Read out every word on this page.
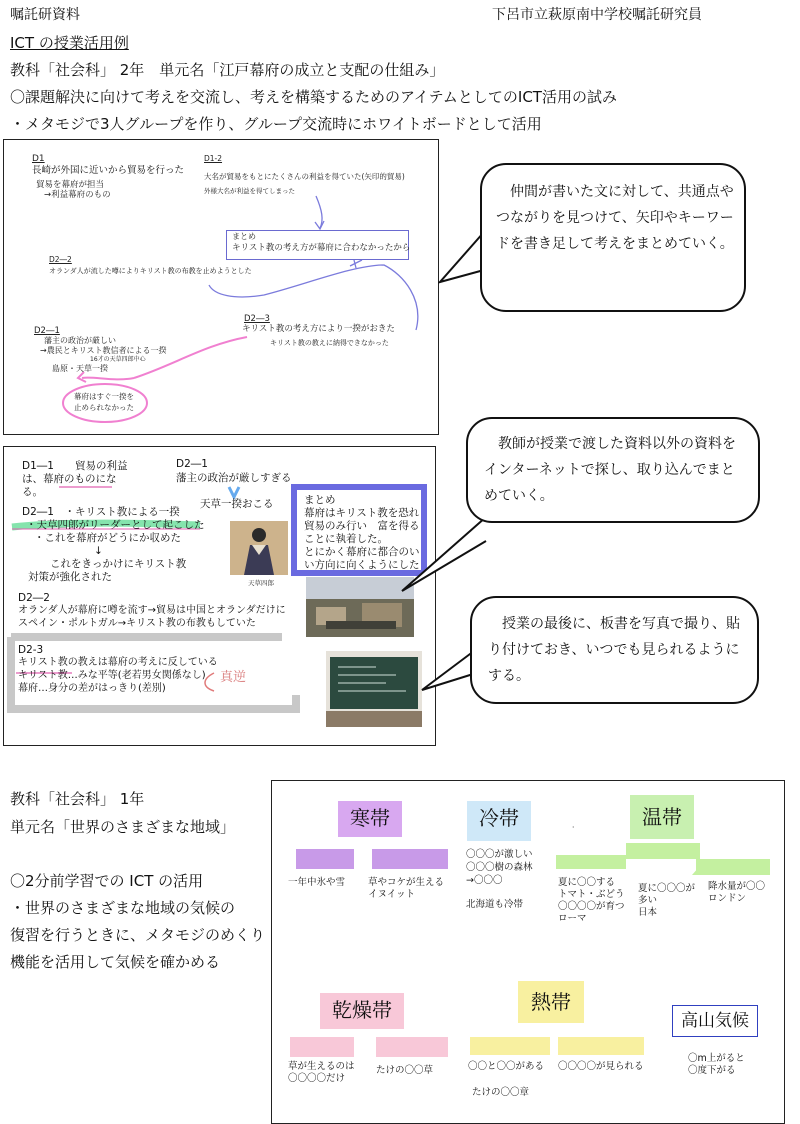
嘱託研資料	下呂市立萩原南中学校嘱託研究員
ICT の授業活用例
教科「社会科」 2年　単元名「江戸幕府の成立と支配の仕組み」
〇課題解決に向けて考えを交流し、考えを構築するためのアイテムとしてのICT活用の試み
・メタモジで3人グループを作り、グループ交流時にホワイトボードとして活用
D1
長崎が外国に近いから貿易を行った
貿易を幕府が担当
→利益幕府のもの
D1-2
大名が貿易をもとにたくさんの利益を得ていた(矢印的貿易)
外様大名が利益を得てしまった
まとめ
キリスト教の考え方が幕府に合わなかったから
D2―2
オランダ人が流した噂によりキリスト教の布教を止めようとした
D2―3
キリスト教の考え方により一揆がおきた
キリスト教の教えに納得できなかった
D2―1
藩主の政治が厳しい
→農民とキリスト教信者による一揆
16才の天草四郎中心
島原・天草一揆
幕府はすぐ一揆を
止められなかった
仲間が書いた文に対して、共通点やつながりを見つけて、矢印やキーワードを書き足して考えをまとめていく。
D1―1　　貿易の利益
は、幕府のものにな
る。
D2―1
藩主の政治が厳しすぎる
天草一揆おこる
D2―1　・キリスト教による一揆
・天草四郎がリーダーとして起こした
・これを幕府がどうにか収めた
↓
これをきっかけにキリスト教
対策が強化された	天草四郎
まとめ
幕府はキリスト教を恐れ
貿易のみ行い　富を得る
ことに執着した。
とにかく幕府に都合のい
い方向に向くようにした
D2―2
オランダ人が幕府に噂を流す→貿易は中国とオランダだけに
スペイン・ポルトガル→キリスト教の布教もしていた
D2-3
キリスト教の教えは幕府の考えに反している
キリスト教…みな平等(老若男女関係なし)
幕府…身分の差がはっきり(差別)
真逆
教師が授業で渡した資料以外の資料をインターネットで探し、取り込んでまとめていく。
授業の最後に、板書を写真で撮り、貼り付けておき、いつでも見られるようにする。
教科「社会科」 1年
単元名「世界のさまざまな地域」
〇2分前学習での ICT の活用
・世界のさまざまな地域の気候の
復習を行うときに、メタモジのめくり
機能を活用して気候を確かめる
寒帯
一年中氷や雪 草やコケが生える
イヌイット
冷帯
〇〇〇が激しい
〇〇〇樹の森林
→〇〇〇
北海道も冷帯
温帯
·
夏に〇〇する
トマト・ぶどう
〇〇〇〇が育つ
ローマ
夏に〇〇〇が
多い
日本
降水量が〇〇
ロンドン
乾燥帯
草が生えるのは
〇〇〇〇だけ
たけの〇〇草
熱帯
〇〇と〇〇がある 〇〇〇〇が見られる
たけの〇〇章
高山気候
〇m上がると
〇度下がる
